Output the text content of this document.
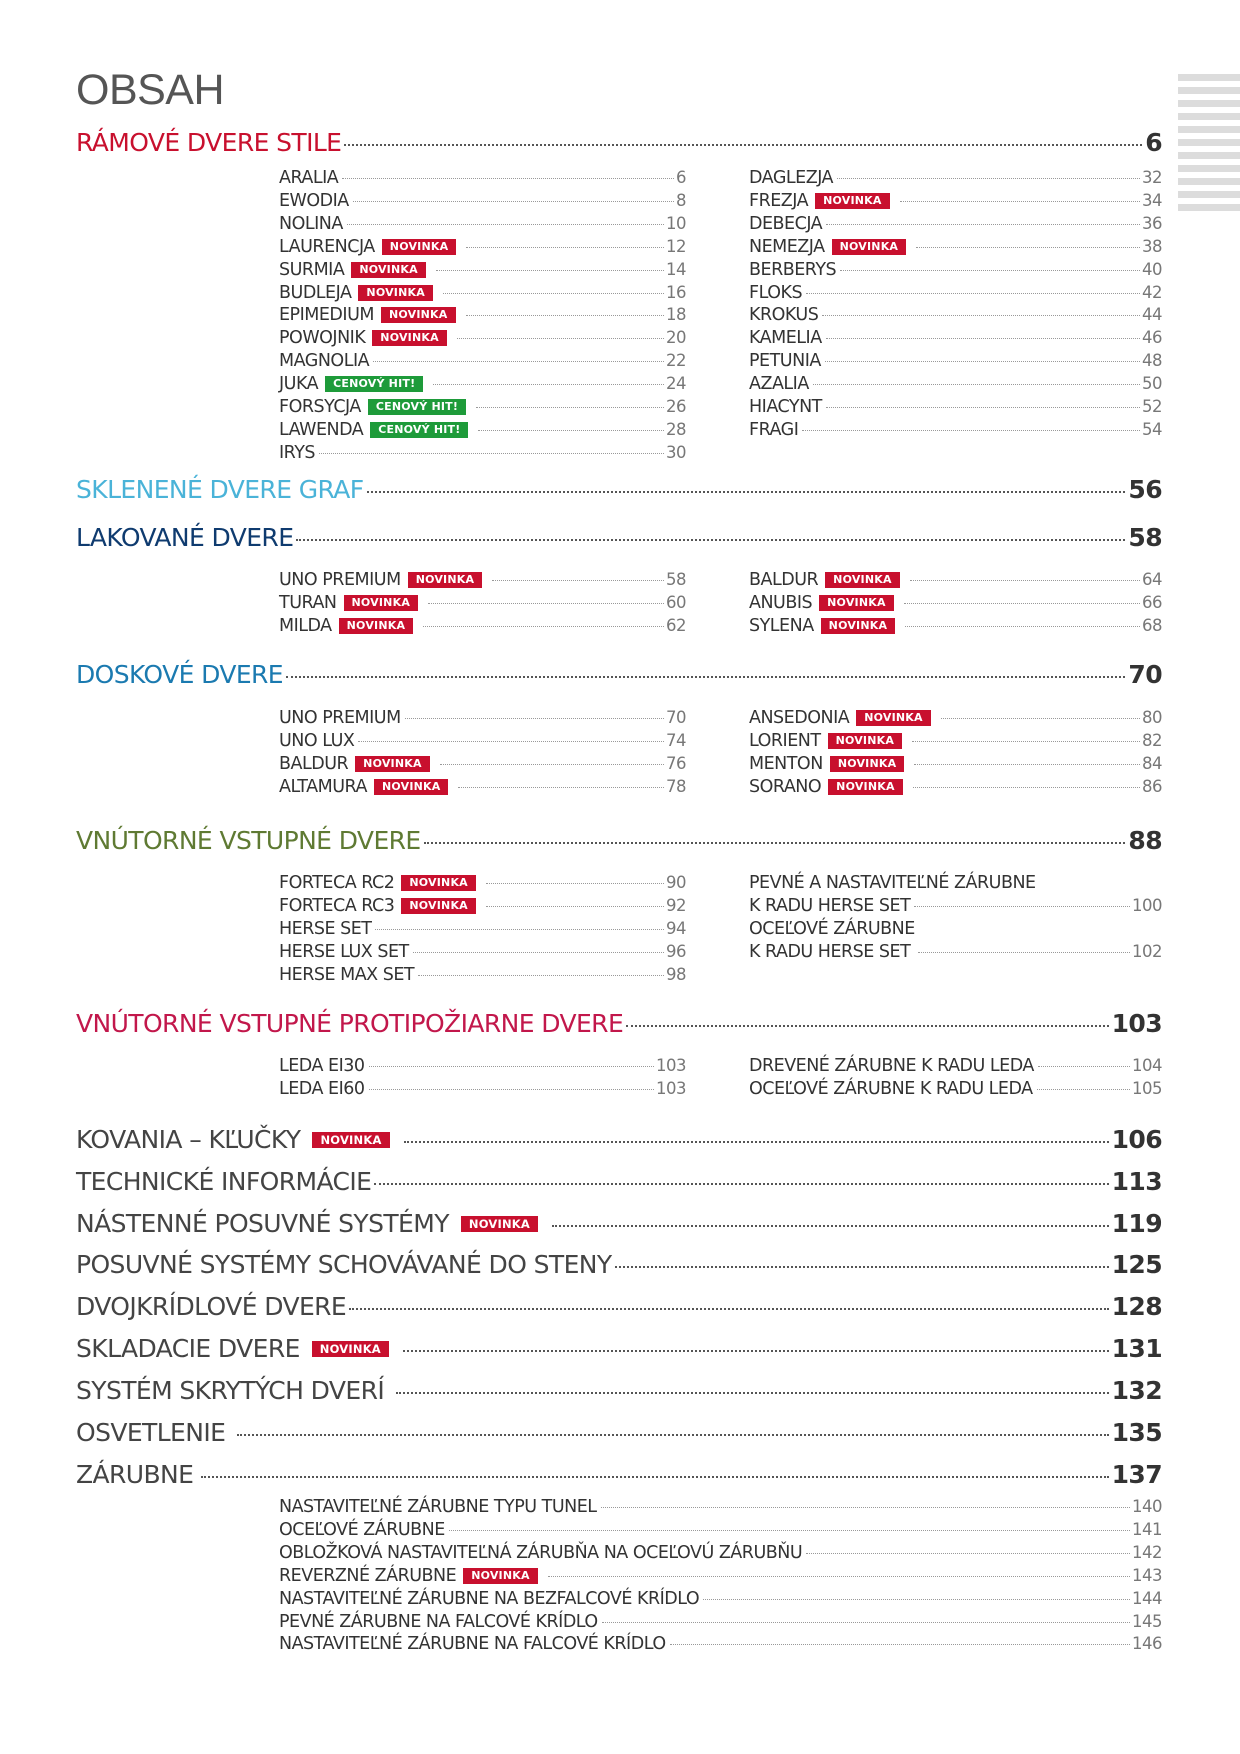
OBSAH
RÁMOVÉ DVERE STILE	6
SKLENENÉ DVERE GRAF	56
LAKOVANÉ DVERE	58
DOSKOVÉ DVERE	70
VNÚTORNÉ VSTUPNÉ DVERE	88
VNÚTORNÉ VSTUPNÉ PROTIPOŽIARNE DVERE	103
KOVANIA – KĽUČKY	NOVINKA	106
TECHNICKÉ INFORMÁCIE	113
NÁSTENNÉ POSUVNÉ SYSTÉMY	NOVINKA	119
POSUVNÉ SYSTÉMY SCHOVÁVANÉ DO STENY	125
DVOJKRÍDLOVÉ DVERE	128
SKLADACIE DVERE	NOVINKA	131
SYSTÉM SKRYTÝCH DVERÍ	132
OSVETLENIE	135
ZÁRUBNE	137
ARALIA	6
EWODIA	8
NOLINA	10
LAURENCJA	NOVINKA	12
SURMIA	NOVINKA	14
BUDLEJA	NOVINKA	16
EPIMEDIUM	NOVINKA	18
POWOJNIK	NOVINKA	20
MAGNOLIA	22
JUKA	CENOVÝ HIT!	24
FORSYCJA	CENOVÝ HIT!	26
LAWENDA	CENOVÝ HIT!	28
IRYS	30
DAGLEZJA	32
FREZJA	NOVINKA	34
DEBECJA	36
NEMEZJA	NOVINKA	38
BERBERYS	40
FLOKS	42
KROKUS	44
KAMELIA	46
PETUNIA	48
AZALIA	50
HIACYNT	52
FRAGI	54
UNO PREMIUM	NOVINKA	58
TURAN	NOVINKA	60
MILDA	NOVINKA	62
BALDUR	NOVINKA	64
ANUBIS	NOVINKA	66
SYLENA	NOVINKA	68
UNO PREMIUM	70
UNO LUX	74
BALDUR	NOVINKA	76
ALTAMURA	NOVINKA	78
ANSEDONIA	NOVINKA	80
LORIENT	NOVINKA	82
MENTON	NOVINKA	84
SORANO	NOVINKA	86
FORTECA RC2	NOVINKA	90
FORTECA RC3	NOVINKA	92
HERSE SET	94
HERSE LUX SET	96
HERSE MAX SET	98
LEDA EI30	103
LEDA EI60	103
DREVENÉ ZÁRUBNE K RADU LEDA	104
OCEĽOVÉ ZÁRUBNE K RADU LEDA	105
NASTAVITEĽNÉ ZÁRUBNE TYPU TUNEL	140
OCEĽOVÉ ZÁRUBNE	141
OBLOŽKOVÁ NASTAVITEĽNÁ ZÁRUBŇA NA OCEĽOVÚ ZÁRUBŇU	142
REVERZNÉ ZÁRUBNE	NOVINKA	143
NASTAVITEĽNÉ ZÁRUBNE NA BEZFALCOVÉ KRÍDLO	144
PEVNÉ ZÁRUBNE NA FALCOVÉ KRÍDLO	145
NASTAVITEĽNÉ ZÁRUBNE NA FALCOVÉ KRÍDLO	146
PEVNÉ A NASTAVITEĽNÉ ZÁRUBNE
K RADU HERSE SET	100
OCEĽOVÉ ZÁRUBNE
K RADU HERSE SET	102
